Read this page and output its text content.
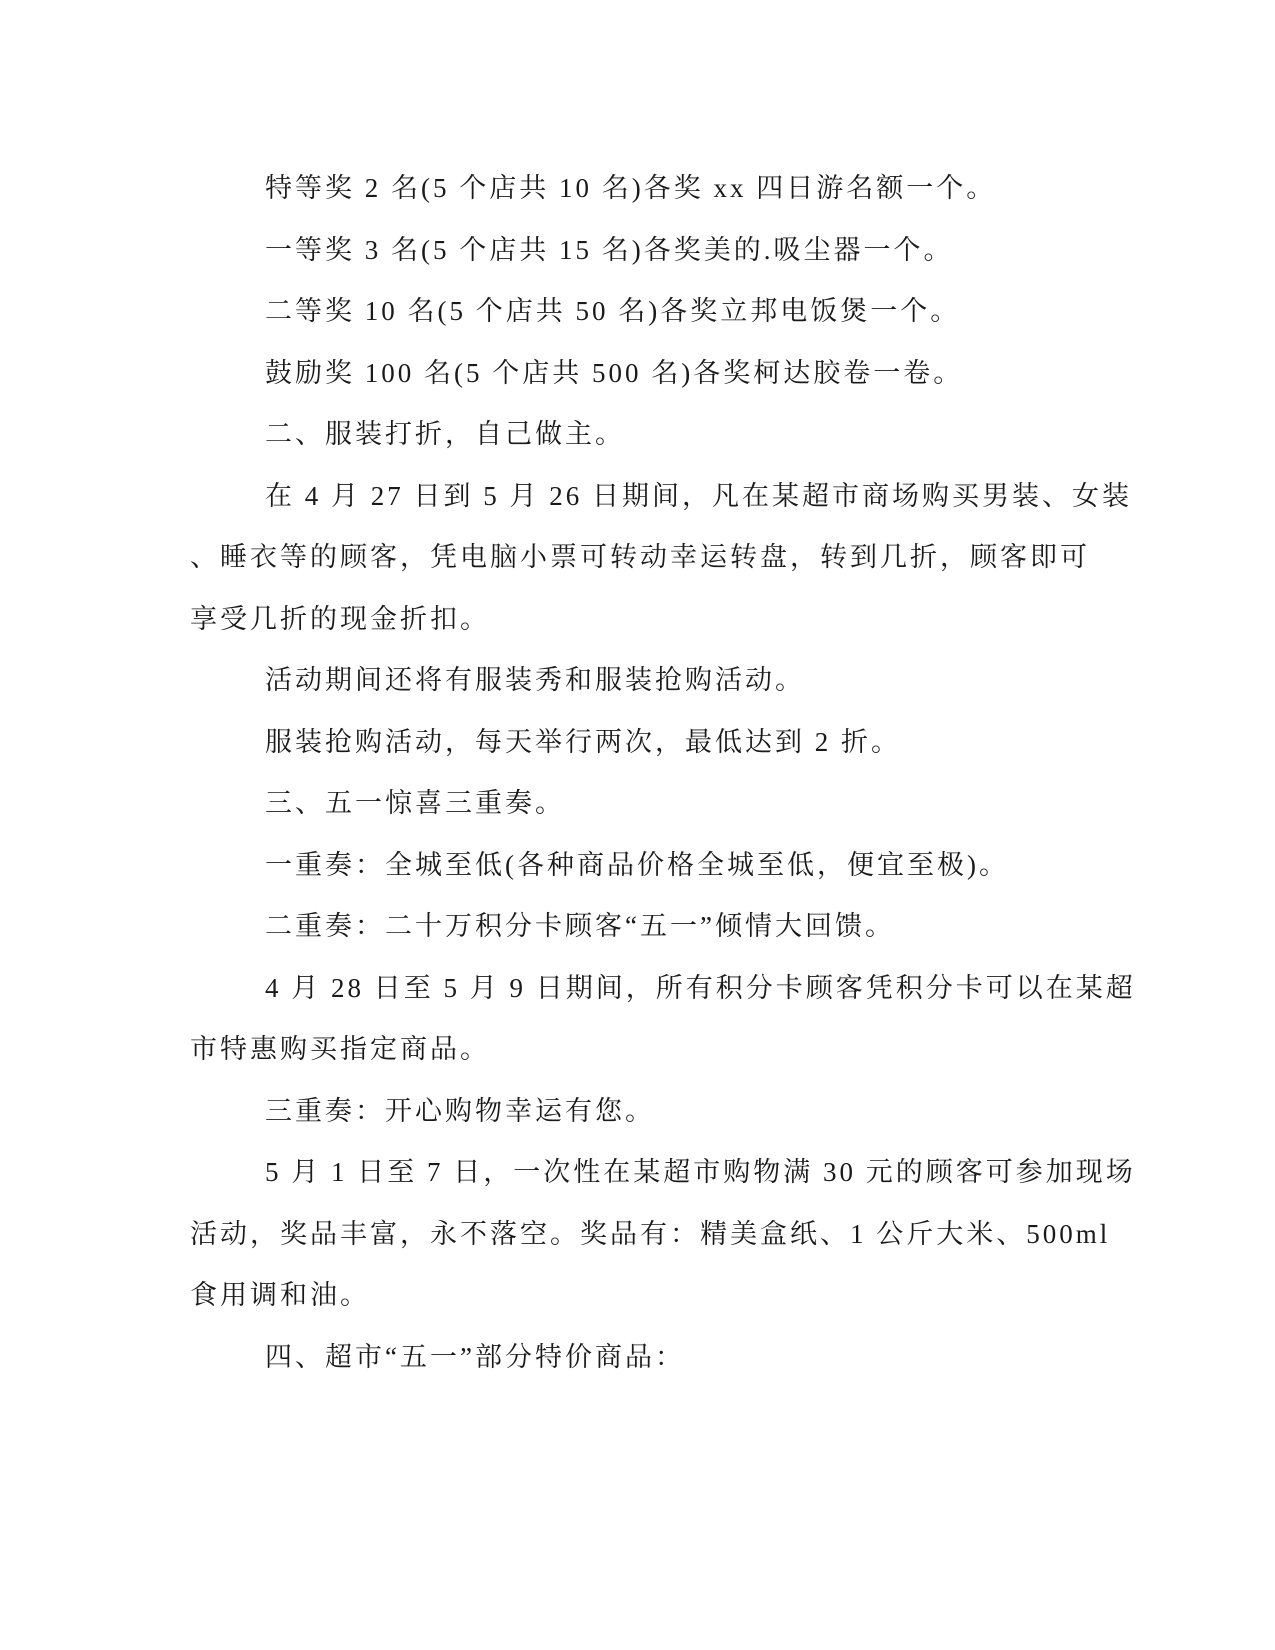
特等奖 2 名(5 个店共 10 名)各奖 xx 四日游名额一个。

一等奖 3 名(5 个店共 15 名)各奖美的.吸尘器一个。

二等奖 10 名(5 个店共 50 名)各奖立邦电饭煲一个。

鼓励奖 100 名(5 个店共 500 名)各奖柯达胶卷一卷。

二、服装打折，自己做主。

在 4 月 27 日到 5 月 26 日期间，凡在某超市商场购买男装、女装

、睡衣等的顾客，凭电脑小票可转动幸运转盘，转到几折，顾客即可

享受几折的现金折扣。

活动期间还将有服装秀和服装抢购活动。

服装抢购活动，每天举行两次，最低达到 2 折。

三、五一惊喜三重奏。

一重奏：全城至低(各种商品价格全城至低，便宜至极)。

二重奏：二十万积分卡顾客“五一”倾情大回馈。

4 月 28 日至 5 月 9 日期间，所有积分卡顾客凭积分卡可以在某超

市特惠购买指定商品。

三重奏：开心购物幸运有您。

5 月 1 日至 7 日，一次性在某超市购物满 30 元的顾客可参加现场

活动，奖品丰富，永不落空。奖品有：精美盒纸、1 公斤大米、500ml

食用调和油。

四、超市“五一”部分特价商品：
